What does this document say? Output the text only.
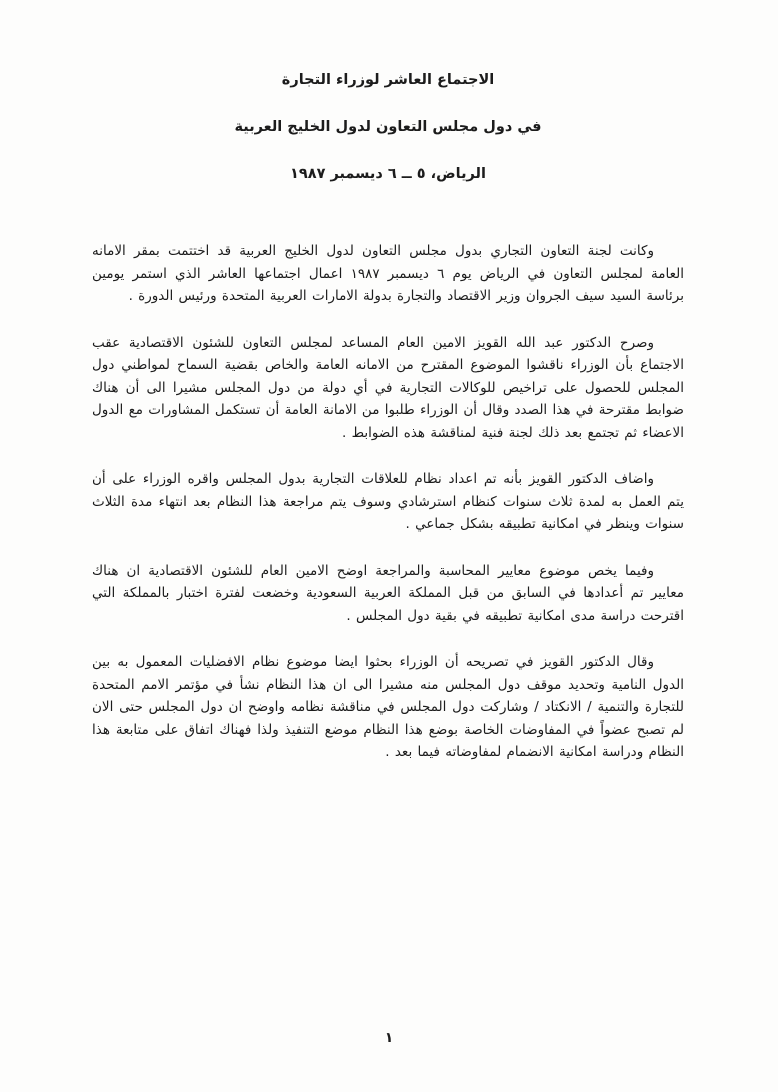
الاجتماع العاشر لوزراء التجارة
في دول مجلس التعاون لدول الخليج العربية
الرياض، ٥ ــ ٦ ديسمبر ١٩٨٧

وكانت لجنة التعاون التجاري بدول مجلس التعاون لدول الخليج العربية قد اختتمت بمقر الامانه العامة لمجلس التعاون في الرياض يوم ٦ ديسمبر ١٩٨٧ اعمال اجتماعها العاشر الذي استمر يومين برئاسة السيد سيف الجروان وزير الاقتصاد والتجارة بدولة الامارات العربية المتحدة ورئيس الدورة .

وصرح الدكتور عبد الله القويز الامين العام المساعد لمجلس التعاون للشئون الاقتصادية عقب الاجتماع بأن الوزراء ناقشوا الموضوع المقترح من الامانه العامة والخاص بقضية السماح لمواطني دول المجلس للحصول على تراخيص للوكالات التجارية في أي دولة من دول المجلس مشيرا الى أن هناك ضوابط مقترحة في هذا الصدد وقال أن الوزراء طلبوا من الامانة العامة أن تستكمل المشاورات مع الدول الاعضاء ثم تجتمع بعد ذلك لجنة فنية لمناقشة هذه الضوابط .

واضاف الدكتور القويز بأنه تم اعداد نظام للعلاقات التجارية بدول المجلس واقره الوزراء على أن يتم العمل به لمدة ثلاث سنوات كنظام استرشادي وسوف يتم مراجعة هذا النظام بعد انتهاء مدة الثلاث سنوات وينظر في امكانية تطبيقه بشكل جماعي .

وفيما يخص موضوع معايير المحاسبة والمراجعة اوضح الامين العام للشئون الاقتصادية ان هناك معايير تم أعدادها في السابق من قبل المملكة العربية السعودية وخضعت لفترة اختبار بالمملكة التي اقترحت دراسة مدى امكانية تطبيقه في بقية دول المجلس .

وقال الدكتور القويز في تصريحه أن الوزراء بحثوا ايضا موضوع نظام الافضليات المعمول به بين الدول النامية وتحديد موقف دول المجلس منه مشيرا الى ان هذا النظام نشأ في مؤتمر الامم المتحدة للتجارة والتنمية / الانكتاد / وشاركت دول المجلس في مناقشة نظامه واوضح ان دول المجلس حتى الان لم تصبح عضواً في المفاوضات الخاصة بوضع هذا النظام موضع التنفيذ ولذا فهناك اتفاق على متابعة هذا النظام ودراسة امكانية الانضمام لمفاوضاته فيما بعد .

١
